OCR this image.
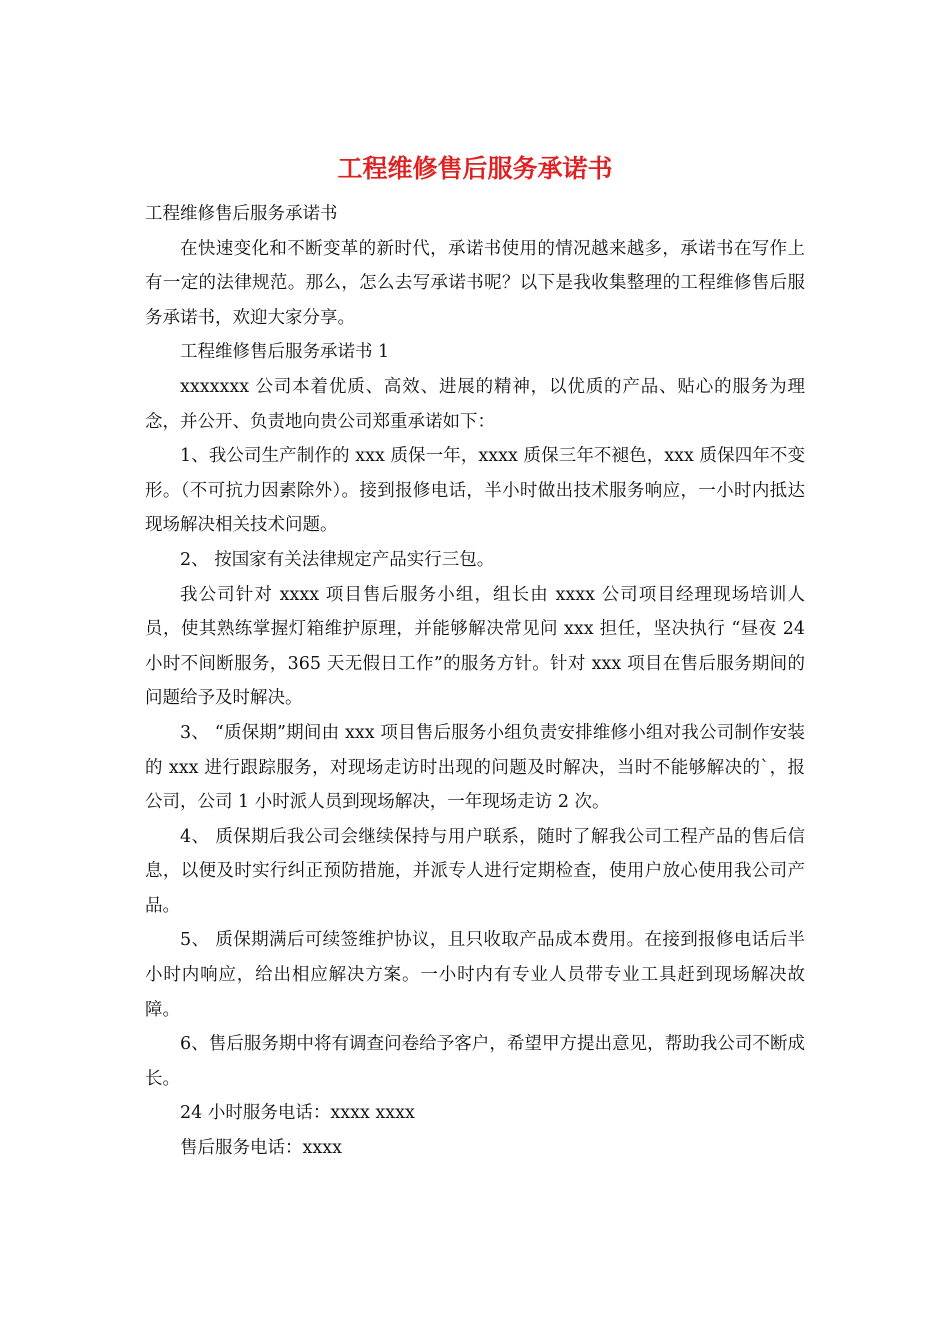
工程维修售后服务承诺书

工程维修售后服务承诺书

在快速变化和不断变革的新时代，承诺书使用的情况越来越多，承诺书在写作上有一定的法律规范。那么，怎么去写承诺书呢？以下是我收集整理的工程维修售后服务承诺书，欢迎大家分享。

工程维修售后服务承诺书 1

xxxxxxx 公司本着优质、高效、进展的精神，以优质的产品、贴心的服务为理念，并公开、负责地向贵公司郑重承诺如下：

1、我公司生产制作的 xxx 质保一年，xxxx 质保三年不褪色，xxx 质保四年不变形。（不可抗力因素除外）。接到报修电话，半小时做出技术服务响应，一小时内抵达现场解决相关技术问题。

2、 按国家有关法律规定产品实行三包。

我公司针对 xxxx 项目售后服务小组，组长由 xxxx 公司项目经理现场培训人员，使其熟练掌握灯箱维护原理，并能够解决常见问 xxx 担任，坚决执行 “昼夜 24 小时不间断服务，365 天无假日工作”的服务方针。针对 xxx 项目在售后服务期间的问题给予及时解决。

3、 “质保期”期间由 xxx 项目售后服务小组负责安排维修小组对我公司制作安装的 xxx 进行跟踪服务，对现场走访时出现的问题及时解决，当时不能够解决的`，报公司，公司 1 小时派人员到现场解决，一年现场走访 2 次。

4、 质保期后我公司会继续保持与用户联系，随时了解我公司工程产品的售后信息，以便及时实行纠正预防措施，并派专人进行定期检查，使用户放心使用我公司产品。

5、 质保期满后可续签维护协议，且只收取产品成本费用。在接到报修电话后半小时内响应，给出相应解决方案。一小时内有专业人员带专业工具赶到现场解决故障。

6、售后服务期中将有调查问卷给予客户，希望甲方提出意见，帮助我公司不断成长。

24 小时服务电话：xxxx xxxx

售后服务电话：xxxx
